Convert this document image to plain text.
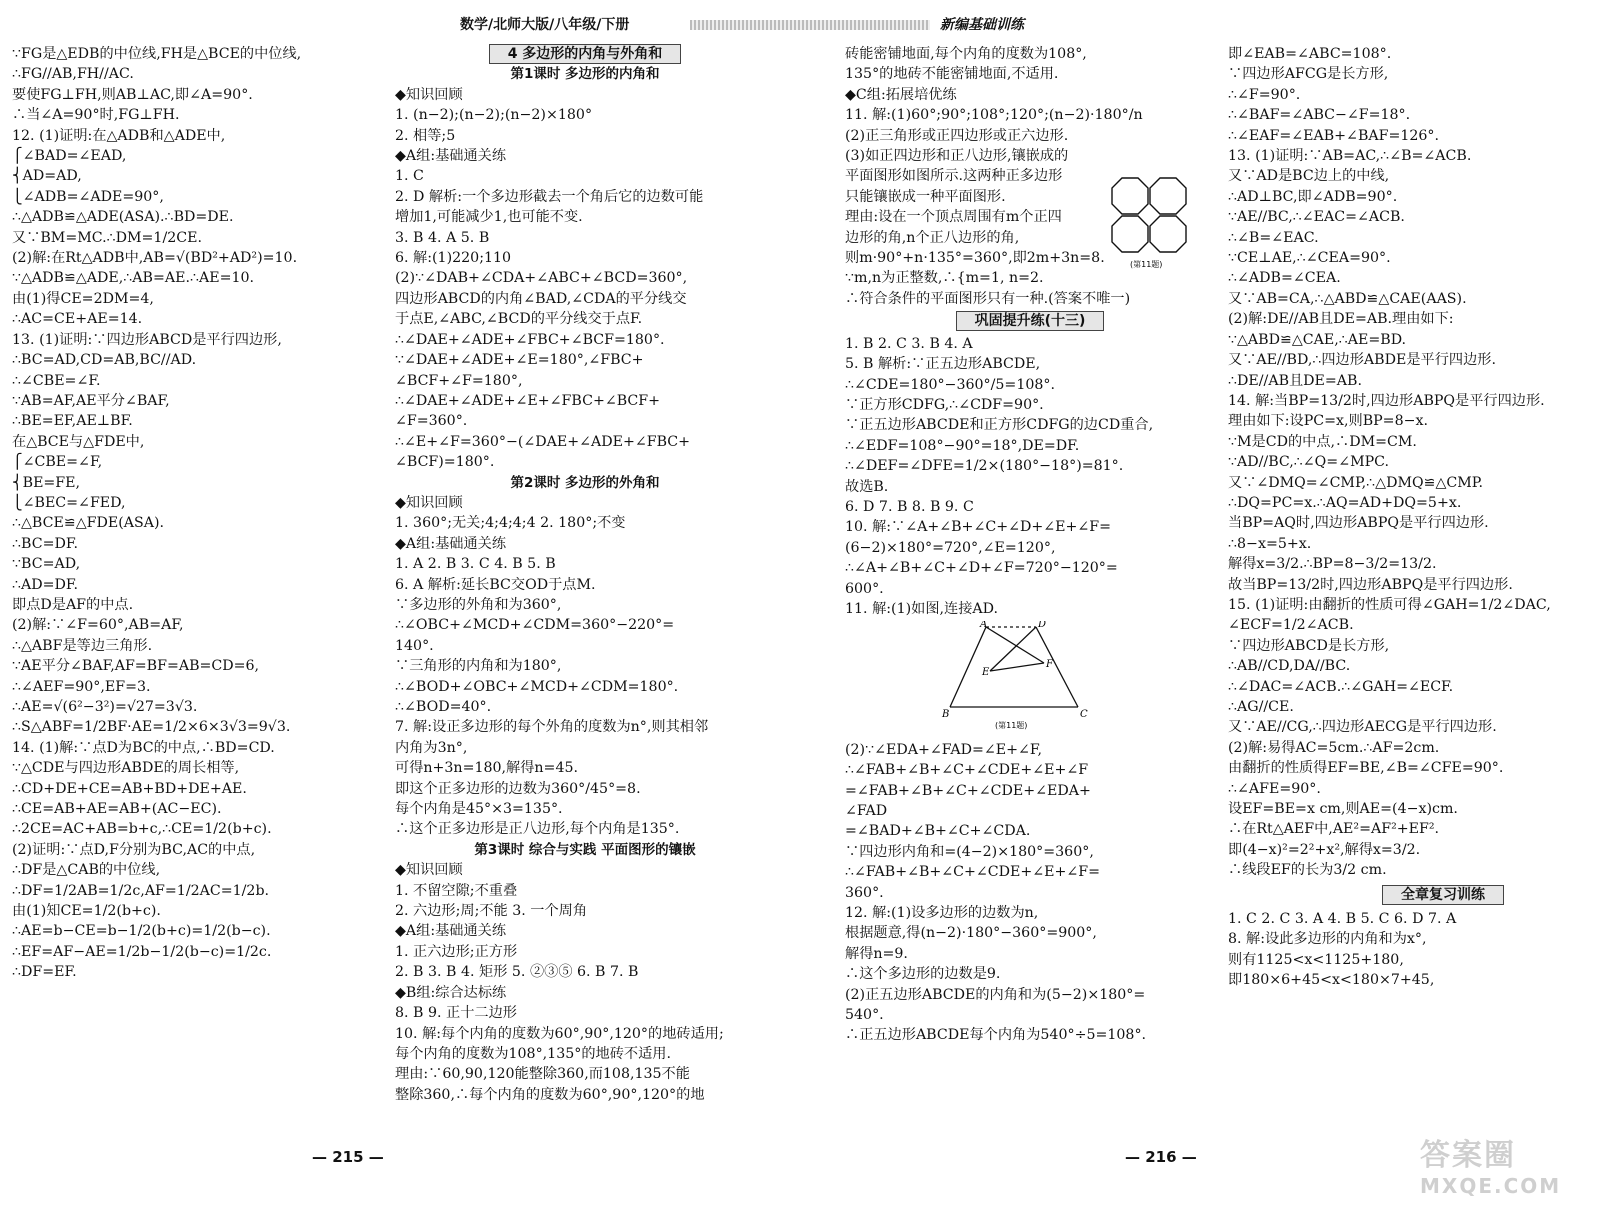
数学/北师大版/八年级/下册	新编基础训练

∵FG是△EDB的中位线,FH是△BCE的中位线,

∴FG//AB,FH//AC.

要使FG⊥FH,则AB⊥AC,即∠A=90°.

∴当∠A=90°时,FG⊥FH.

12. (1)证明:在△ADB和△ADE中,

⎧∠BAD=∠EAD,

⎨AD=AD,

⎩∠ADB=∠ADE=90°,

∴△ADB≌△ADE(ASA).∴BD=DE.

又∵BM=MC.∴DM=1/2CE.

(2)解:在Rt△ADB中,AB=√(BD²+AD²)=10.

∵△ADB≌△ADE,∴AB=AE.∴AE=10.

由(1)得CE=2DM=4,

∴AC=CE+AE=14.

13. (1)证明:∵四边形ABCD是平行四边形,

∴BC=AD,CD=AB,BC//AD.

∴∠CBE=∠F.

∵AB=AF,AE平分∠BAF,

∴BE=EF,AE⊥BF.

在△BCE与△FDE中,

⎧∠CBE=∠F,

⎨BE=FE,

⎩∠BEC=∠FED,

∴△BCE≌△FDE(ASA).

∴BC=DF.

∵BC=AD,

∴AD=DF.

即点D是AF的中点.

(2)解:∵∠F=60°,AB=AF,

∴△ABF是等边三角形.

∵AE平分∠BAF,AF=BF=AB=CD=6,

∴∠AEF=90°,EF=3.

∴AE=√(6²−3²)=√27=3√3.

∴S△ABF=1/2BF·AE=1/2×6×3√3=9√3.

14. (1)解:∵点D为BC的中点,∴BD=CD.

∵△CDE与四边形ABDE的周长相等,

∴CD+DE+CE=AB+BD+DE+AE.

∴CE=AB+AE=AB+(AC−EC).

∴2CE=AC+AB=b+c,∴CE=1/2(b+c).

(2)证明:∵点D,F分别为BC,AC的中点,

∴DF是△CAB的中位线,

∴DF=1/2AB=1/2c,AF=1/2AC=1/2b.

由(1)知CE=1/2(b+c).

∴AE=b−CE=b−1/2(b+c)=1/2(b−c).

∴EF=AF−AE=1/2b−1/2(b−c)=1/2c.

∴DF=EF.

4 多边形的内角与外角和

第1课时 多边形的内角和

◆知识回顾

1. (n−2);(n−2);(n−2)×180°

2. 相等;5

◆A组:基础通关练

1. C

2. D 解析:一个多边形截去一个角后它的边数可能

增加1,可能减少1,也可能不变.

3. B 4. A 5. B

6. 解:(1)220;110

(2)∵∠DAB+∠CDA+∠ABC+∠BCD=360°,

四边形ABCD的内角∠BAD,∠CDA的平分线交

于点E,∠ABC,∠BCD的平分线交于点F.

∴∠DAE+∠ADE+∠FBC+∠BCF=180°.

∵∠DAE+∠ADE+∠E=180°,∠FBC+

∠BCF+∠F=180°,

∴∠DAE+∠ADE+∠E+∠FBC+∠BCF+

∠F=360°.

∴∠E+∠F=360°−(∠DAE+∠ADE+∠FBC+

∠BCF)=180°.

第2课时 多边形的外角和

◆知识回顾

1. 360°;无关;4;4;4;4 2. 180°;不变

◆A组:基础通关练

1. A 2. B 3. C 4. B 5. B

6. A 解析:延长BC交OD于点M.

∵多边形的外角和为360°,

∴∠OBC+∠MCD+∠CDM=360°−220°=

140°.

∵三角形的内角和为180°,

∴∠BOD+∠OBC+∠MCD+∠CDM=180°.

∴∠BOD=40°.

7. 解:设正多边形的每个外角的度数为n°,则其相邻

内角为3n°,

可得n+3n=180,解得n=45.

即这个正多边形的边数为360°/45°=8.

每个内角是45°×3=135°.

∴这个正多边形是正八边形,每个内角是135°.

第3课时 综合与实践 平面图形的镶嵌

◆知识回顾

1. 不留空隙;不重叠

2. 六边形;周;不能 3. 一个周角

◆A组:基础通关练

1. 正六边形;正方形

2. B 3. B 4. 矩形 5. ②③⑤ 6. B 7. B

◆B组:综合达标练

8. B 9. 正十二边形

10. 解:每个内角的度数为60°,90°,120°的地砖适用;

每个内角的度数为108°,135°的地砖不适用.

理由:∵60,90,120能整除360,而108,135不能

整除360,∴每个内角的度数为60°,90°,120°的地

砖能密铺地面,每个内角的度数为108°,

135°的地砖不能密铺地面,不适用.

◆C组:拓展培优练

11. 解:(1)60°;90°;108°;120°;(n−2)·180°/n

(2)正三角形或正四边形或正六边形.

(3)如正四边形和正八边形,镶嵌成的

平面图形如图所示.这两种正多边形

只能镶嵌成一种平面图形.

理由:设在一个顶点周围有m个正四

边形的角,n个正八边形的角,

则m·90°+n·135°=360°,即2m+3n=8.

∵m,n为正整数,∴{m=1, n=2.

∴符合条件的平面图形只有一种.(答案不唯一)

(第11题)
巩固提升练(十三)

1. B 2. C 3. B 4. A

5. B 解析:∵正五边形ABCDE,

∴∠CDE=180°−360°/5=108°.

∵正方形CDFG,∴∠CDF=90°.

∵正五边形ABCDE和正方形CDFG的边CD重合,

∴∠EDF=108°−90°=18°,DE=DF.

∴∠DEF=∠DFE=1/2×(180°−18°)=81°.

故选B.

6. D 7. B 8. B 9. C

10. 解:∵∠A+∠B+∠C+∠D+∠E+∠F=

(6−2)×180°=720°,∠E=120°,

∴∠A+∠B+∠C+∠D+∠F=720°−120°=

600°.

11. 解:(1)如图,连接AD.

A	D
E
F
B	C
(第11题)

(2)∵∠EDA+∠FAD=∠E+∠F,

∴∠FAB+∠B+∠C+∠CDE+∠E+∠F

=∠FAB+∠B+∠C+∠CDE+∠EDA+

∠FAD

=∠BAD+∠B+∠C+∠CDA.

∵四边形内角和=(4−2)×180°=360°,

∴∠FAB+∠B+∠C+∠CDE+∠E+∠F=

360°.

12. 解:(1)设多边形的边数为n,

根据题意,得(n−2)·180°−360°=900°,

解得n=9.

∴这个多边形的边数是9.

(2)正五边形ABCDE的内角和为(5−2)×180°=

540°.

∴正五边形ABCDE每个内角为540°÷5=108°.

即∠EAB=∠ABC=108°.

∵四边形AFCG是长方形,

∴∠F=90°.

∴∠BAF=∠ABC−∠F=18°.

∴∠EAF=∠EAB+∠BAF=126°.

13. (1)证明:∵AB=AC,∴∠B=∠ACB.

又∵AD是BC边上的中线,

∴AD⊥BC,即∠ADB=90°.

∵AE//BC,∴∠EAC=∠ACB.

∴∠B=∠EAC.

∵CE⊥AE,∴∠CEA=90°.

∴∠ADB=∠CEA.

又∵AB=CA,∴△ABD≌△CAE(AAS).

(2)解:DE//AB且DE=AB.理由如下:

∵△ABD≌△CAE,∴AE=BD.

又∵AE//BD,∴四边形ABDE是平行四边形.

∴DE//AB且DE=AB.

14. 解:当BP=13/2时,四边形ABPQ是平行四边形.

理由如下:设PC=x,则BP=8−x.

∵M是CD的中点,∴DM=CM.

∵AD//BC,∴∠Q=∠MPC.

又∵∠DMQ=∠CMP,∴△DMQ≌△CMP.

∴DQ=PC=x.∴AQ=AD+DQ=5+x.

当BP=AQ时,四边形ABPQ是平行四边形.

∴8−x=5+x.

解得x=3/2.∴BP=8−3/2=13/2.

故当BP=13/2时,四边形ABPQ是平行四边形.

15. (1)证明:由翻折的性质可得∠GAH=1/2∠DAC,

∠ECF=1/2∠ACB.

∵四边形ABCD是长方形,

∴AB//CD,DA//BC.

∴∠DAC=∠ACB.∴∠GAH=∠ECF.

∴AG//CE.

又∵AE//CG,∴四边形AECG是平行四边形.

(2)解:易得AC=5cm.∴AF=2cm.

由翻折的性质得EF=BE,∠B=∠CFE=90°.

∴∠AFE=90°.

设EF=BE=x cm,则AE=(4−x)cm.

∴在Rt△AEF中,AE²=AF²+EF².

即(4−x)²=2²+x²,解得x=3/2.

∴线段EF的长为3/2 cm.

全章复习训练

1. C 2. C 3. A 4. B 5. C 6. D 7. A

8. 解:设此多边形的内角和为x°,

则有1125<x<1125+180,

即180×6+45<x<180×7+45,

— 215 —	— 216 —	答案圈
MXQE.COM
